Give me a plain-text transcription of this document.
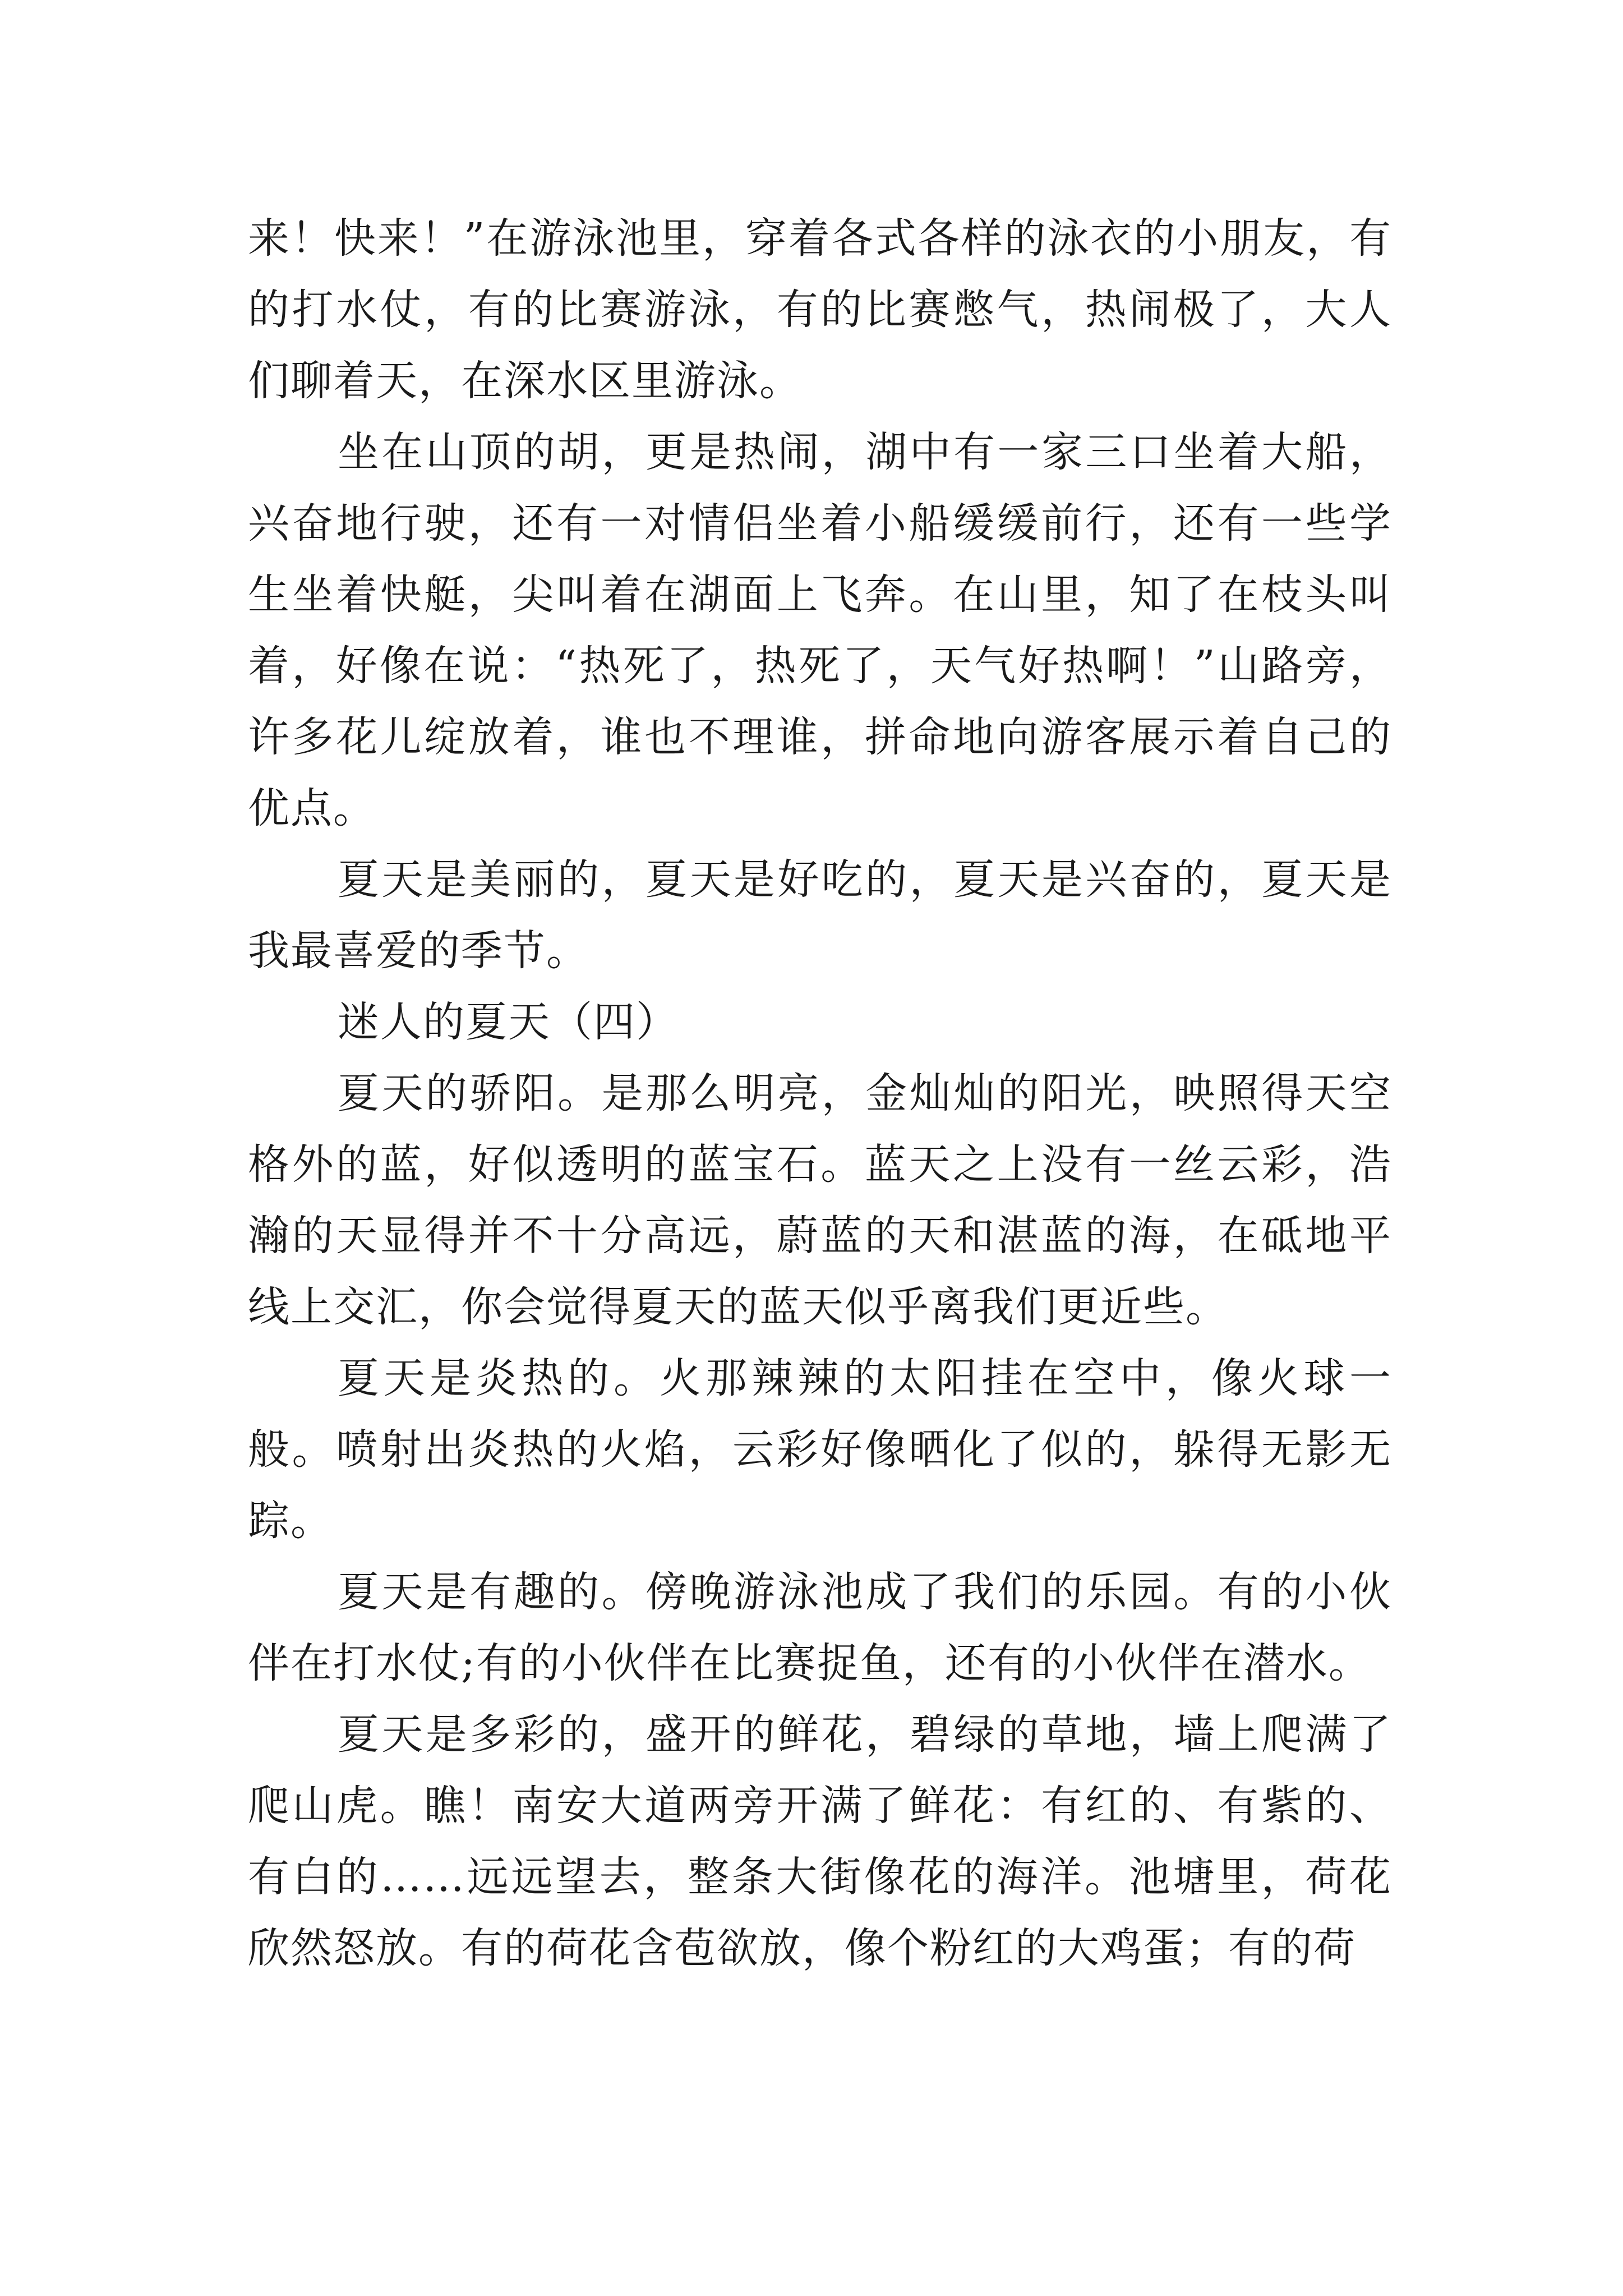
来！快来！”在游泳池里，穿着各式各样的泳衣的小朋友，有的打水仗，有的比赛游泳，有的比赛憋气，热闹极了，大人们聊着天，在深水区里游泳。

坐在山顶的胡，更是热闹，湖中有一家三口坐着大船，兴奋地行驶，还有一对情侣坐着小船缓缓前行，还有一些学生坐着快艇，尖叫着在湖面上飞奔。在山里，知了在枝头叫着，好像在说：“热死了，热死了，天气好热啊！”山路旁，许多花儿绽放着，谁也不理谁，拼命地向游客展示着自己的优点。

夏天是美丽的，夏天是好吃的，夏天是兴奋的，夏天是我最喜爱的季节。

迷人的夏天（四）

夏天的骄阳。是那么明亮，金灿灿的阳光，映照得天空格外的蓝，好似透明的蓝宝石。蓝天之上没有一丝云彩，浩瀚的天显得并不十分高远，蔚蓝的天和湛蓝的海，在砥地平线上交汇，你会觉得夏天的蓝天似乎离我们更近些。

夏天是炎热的。火那辣辣的太阳挂在空中，像火球一般。喷射出炎热的火焰，云彩好像晒化了似的，躲得无影无踪。

夏天是有趣的。傍晚游泳池成了我们的乐园。有的小伙伴在打水仗;有的小伙伴在比赛捉鱼，还有的小伙伴在潜水。

夏天是多彩的，盛开的鲜花，碧绿的草地，墙上爬满了爬山虎。瞧！南安大道两旁开满了鲜花：有红的、有紫的、有白的……远远望去，整条大街像花的海洋。池塘里，荷花欣然怒放。有的荷花含苞欲放，像个粉红的大鸡蛋；有的荷
